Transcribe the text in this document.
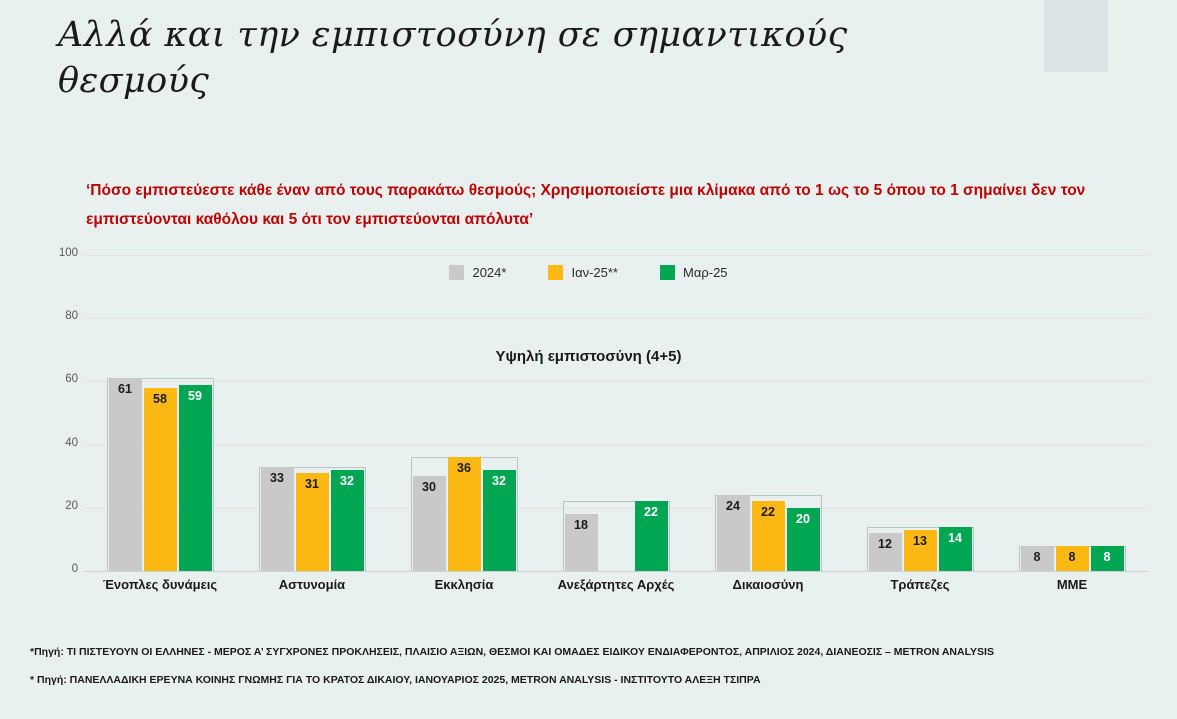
Αλλά και την εμπιστοσύνη σε σημαντικούς θεσμούς
‘Πόσο εμπιστεύεστε κάθε έναν από τους παρακάτω θεσμούς; Χρησιμοποιείστε μια κλίμακα από το 1 ως το 5 όπου το 1 σημαίνει δεν τον εμπιστεύονται καθόλου και 5 ότι τον εμπιστεύονται απόλυτα’
2024*	Ιαν-25**	Μαρ-25
Υψηλή εμπιστοσύνη (4+5)
0
20
40
60
80
100
61
58	59
Ένοπλες δυνάμεις
33	31	32
Αστυνομία
30
36
32
Εκκλησία
18
22
Ανεξάρτητες Αρχές
24	22	20
Δικαιοσύνη
12	13	14
Τράπεζες
8	8	8
ΜΜΕ
*Πηγή: ΤΙ ΠΙΣΤΕΥΟΥΝ ΟΙ ΕΛΛΗΝΕΣ - ΜΕΡΟΣ Α’ ΣΥΓΧΡΟΝΕΣ ΠΡΟΚΛΗΣΕΙΣ, ΠΛΑΙΣΙΟ ΑΞΙΩΝ, ΘΕΣΜΟΙ ΚΑΙ ΟΜΑΔΕΣ ΕΙΔΙΚΟΥ ΕΝΔΙΑΦΕΡΟΝΤΟΣ, ΑΠΡΙΛΙΟΣ 2024, ΔΙΑΝΕΟΣΙΣ – METRON ANALYSIS
* Πηγή: ΠΑΝΕΛΛΑΔΙΚΗ ΕΡΕΥΝΑ ΚΟΙΝΗΣ ΓΝΩΜΗΣ ΓΙΑ ΤΟ ΚΡΑΤΟΣ ΔΙΚΑΙΟΥ, ΙΑΝΟΥΑΡΙΟΣ 2025, METRON ANALYSIS - ΙΝΣΤΙΤΟΥΤΟ ΑΛΕΞΗ ΤΣΙΠΡΑ
